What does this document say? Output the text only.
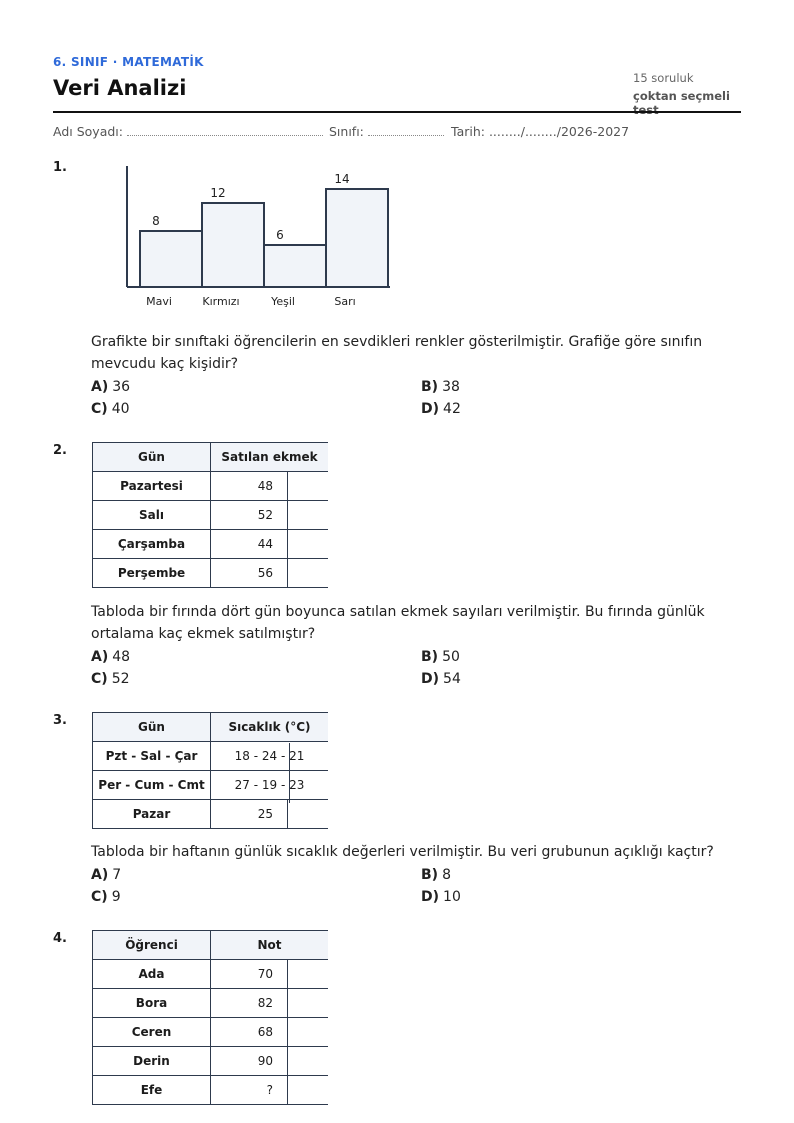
6. SINIF · MATEMATİK
Veri Analizi	15 soruluk
çoktan seçmeli test
Adı Soyadı:	Sınıfı:	Tarih: ......../......../2026-2027
1.
8
Mavi
12
Kırmızı
6
Yeşil
14
Sarı
Grafikte bir sınıftaki öğrencilerin en sevdikleri renkler gösterilmiştir. Grafiğe göre sınıfın mevcudu kaç kişidir?
A) 36	B) 38
C) 40	D) 42
2.	Gün	Satılan ekmek	
Pazartesi	48	
Salı	52	
Çarşamba	44	
Perşembe	56	
Tabloda bir fırında dört gün boyunca satılan ekmek sayıları verilmiştir. Bu fırında günlük ortalama kaç ekmek satılmıştır?
A) 48	B) 50
C) 52	D) 54
3.	Gün	Sıcaklık (°C)	
Pzt - Sal - Çar	18 - 24 - 21	
Per - Cum - Cmt	27 - 19 - 23	
Pazar	25	
Tabloda bir haftanın günlük sıcaklık değerleri verilmiştir. Bu veri grubunun açıklığı kaçtır?
A) 7	B) 8
C) 9	D) 10
4.	Öğrenci	Not	
Ada	70	
Bora	82	
Ceren	68	
Derin	90	
Efe	?	
